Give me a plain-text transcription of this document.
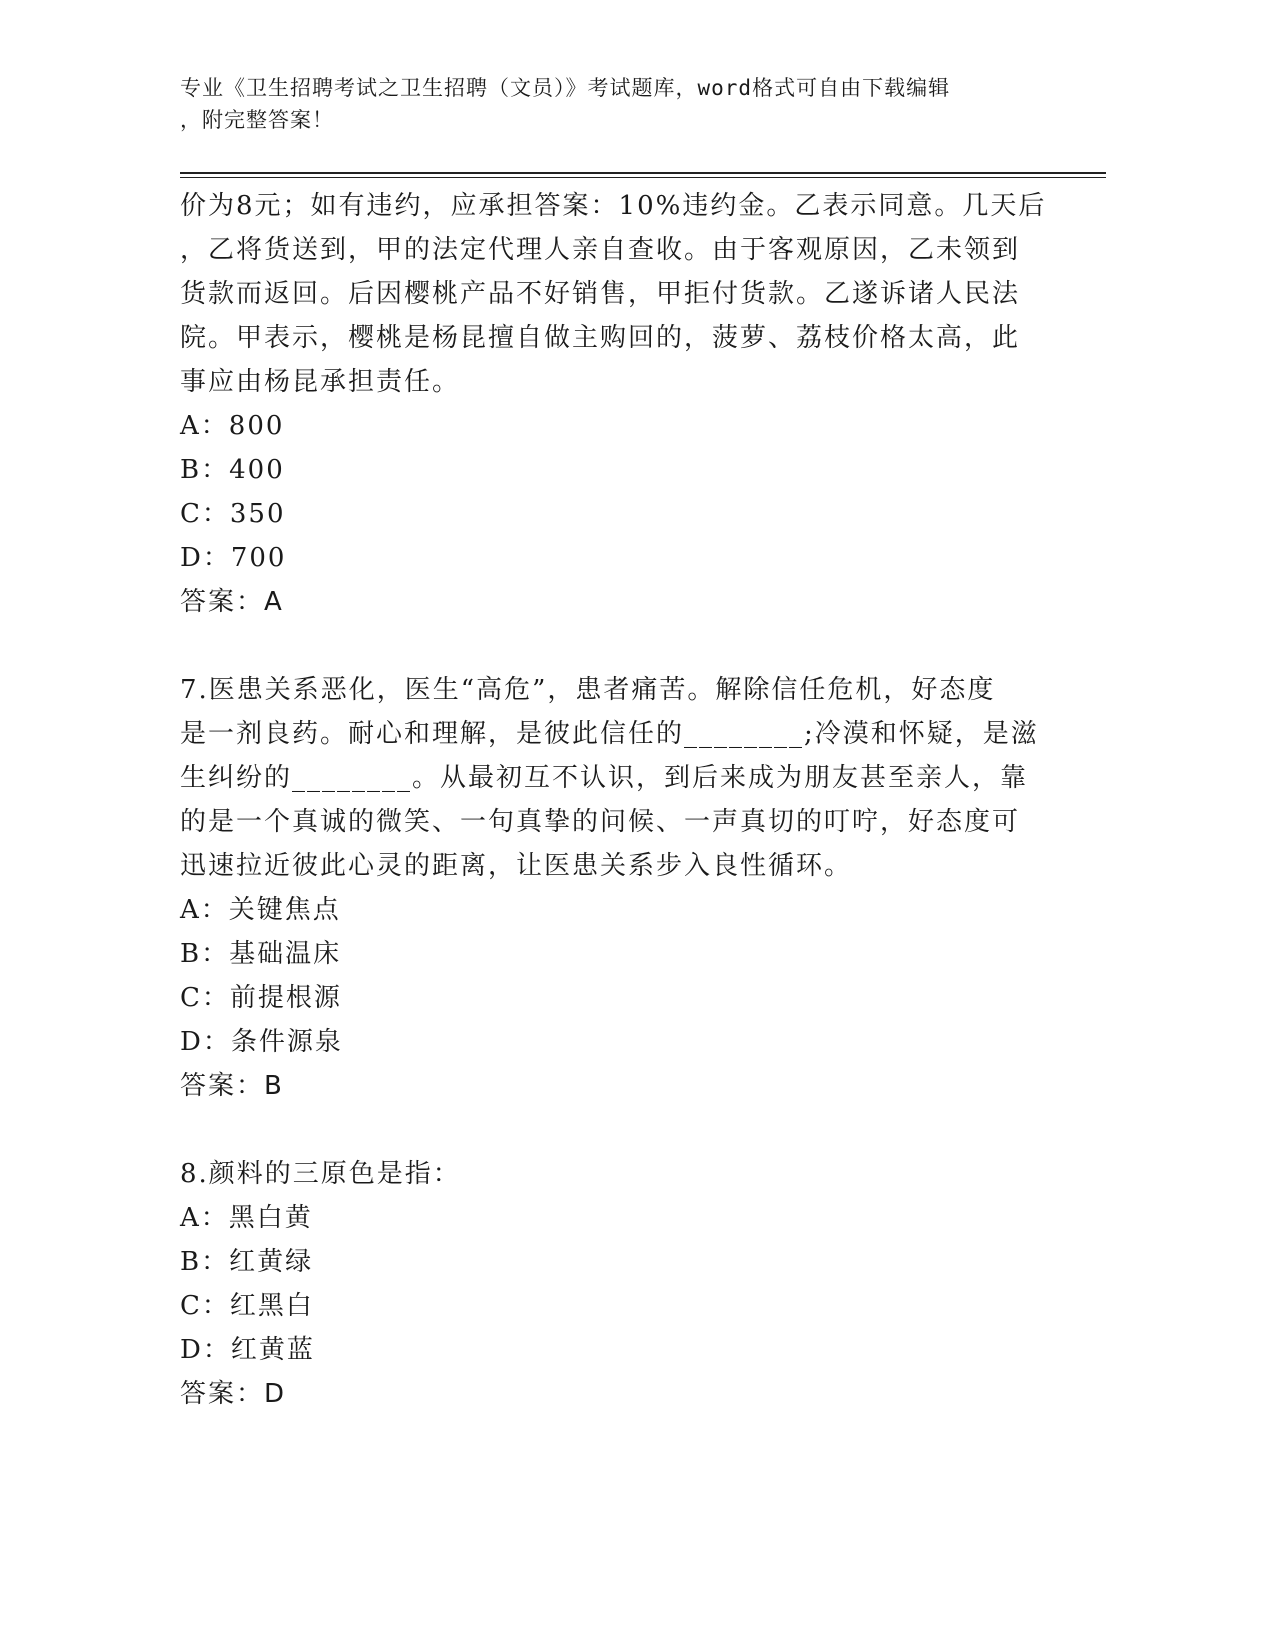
专业《卫生招聘考试之卫生招聘（文员）》考试题库，word格式可自由下载编辑
，附完整答案！
价为8元；如有违约，应承担答案：10%违约金。乙表示同意。几天后
，乙将货送到，甲的法定代理人亲自查收。由于客观原因，乙未领到
货款而返回。后因樱桃产品不好销售，甲拒付货款。乙遂诉诸人民法
院。甲表示，樱桃是杨昆擅自做主购回的，菠萝、荔枝价格太高，此
事应由杨昆承担责任。
A：800
B：400
C：350
D：700
答案：A
7.医患关系恶化，医生“高危”，患者痛苦。解除信任危机，好态度
是一剂良药。耐心和理解，是彼此信任的________;冷漠和怀疑，是滋
生纠纷的________。从最初互不认识，到后来成为朋友甚至亲人，靠
的是一个真诚的微笑、一句真挚的问候、一声真切的叮咛，好态度可
迅速拉近彼此心灵的距离，让医患关系步入良性循环。
A：关键焦点
B：基础温床
C：前提根源
D：条件源泉
答案：B
8.颜料的三原色是指：
A：黑白黄
B：红黄绿
C：红黑白
D：红黄蓝
答案：D
